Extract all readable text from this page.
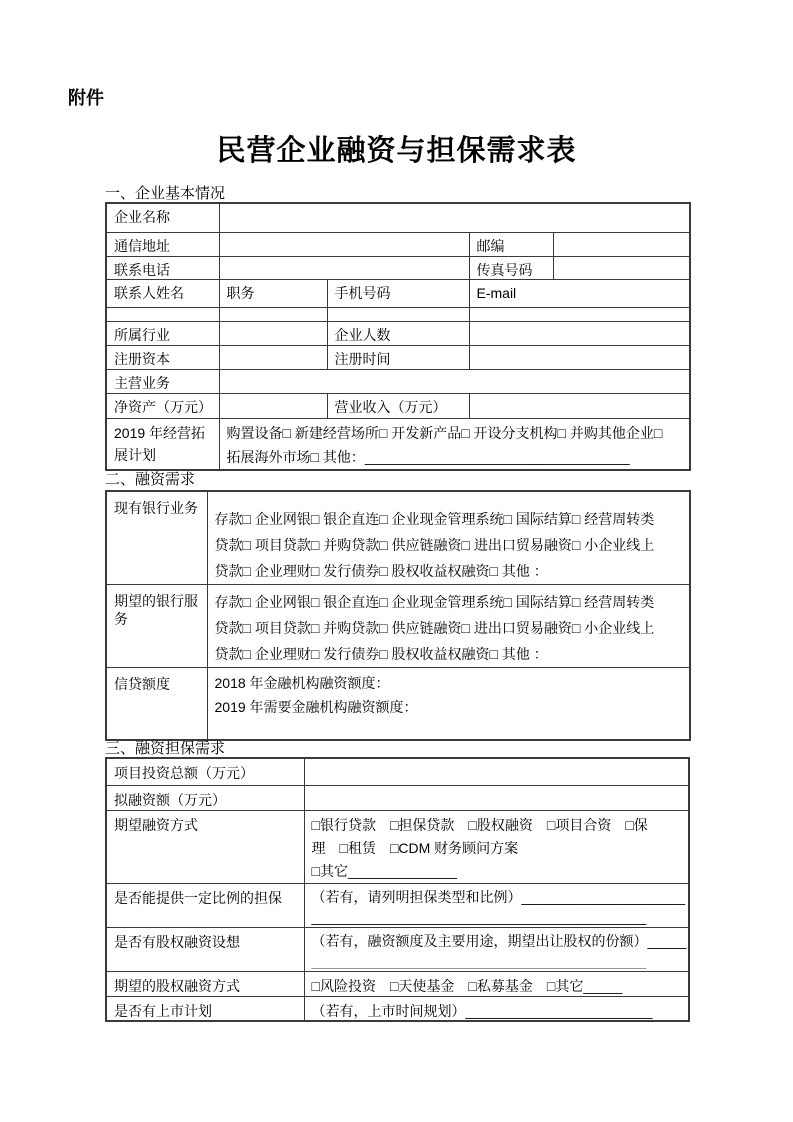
附件
民营企业融资与担保需求表
一、企业基本情况
企业名称				
通信地址			邮编	
联系电话			传真号码	
联系人姓名	职务	手机号码	E-mail	

所属行业		企业人数		
注册资本		注册时间		
主营业务				
净资产（万元）		营业收入（万元）		
2019 年经营拓展计划	购置设备□ 新建经营场所□ 开发新产品□ 开设分支机构□ 并购其他企业□
拓展海外市场□ 其他：__________________________________			
二、融资需求
现有银行业务	存款□ 企业网银□ 银企直连□ 企业现金管理系统□ 国际结算□ 经营周转类
贷款□ 项目贷款□ 并购贷款□ 供应链融资□ 进出口贸易融资□ 小企业线上
贷款□ 企业理财□ 发行债券□ 股权收益权融资□ 其他 ：

期望的银行服务	存款□ 企业网银□ 银企直连□ 企业现金管理系统□ 国际结算□ 经营周转类
贷款□ 项目贷款□ 并购贷款□ 供应链融资□ 进出口贸易融资□ 小企业线上
贷款□ 企业理财□ 发行债券□ 股权收益权融资□ 其他 ：

信贷额度	2018 年金融机构融资额度：
2019 年需要金融机构融资额度：
三、融资担保需求
项目投资总额（万元）	
拟融资额（万元）	
期望融资方式	□银行贷款　□担保贷款　□股权融资　□项目合资　□保
理　□租赁　□CDM 财务顾问方案
□其它______________

是否能提供一定比例的担保	（若有，请列明担保类型和比例）_____________________
___________________________________________

是否有股权融资设想	（若有，融资额度及主要用途，期望出让股权的份额）_____
___________________________________________

期望的股权融资方式	□风险投资　□天使基金　□私募基金　□其它_____

是否有上市计划	（若有，上市时间规划）________________________
